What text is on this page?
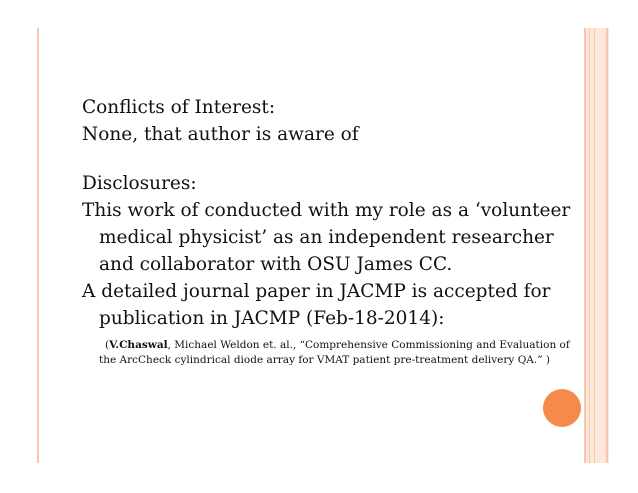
Conflicts of Interest:

None, that author is aware of

Disclosures:

This work of conducted with my role as a ‘volunteer medical physicist’ as an independent researcher and collaborator with OSU James CC.

A detailed journal paper in JACMP is accepted for publication in JACMP (Feb-18-2014):

(V.Chaswal, Michael Weldon et. al., “Comprehensive Commissioning and Evaluation of the ArcCheck cylindrical diode array for VMAT patient pre-treatment delivery QA.” )
